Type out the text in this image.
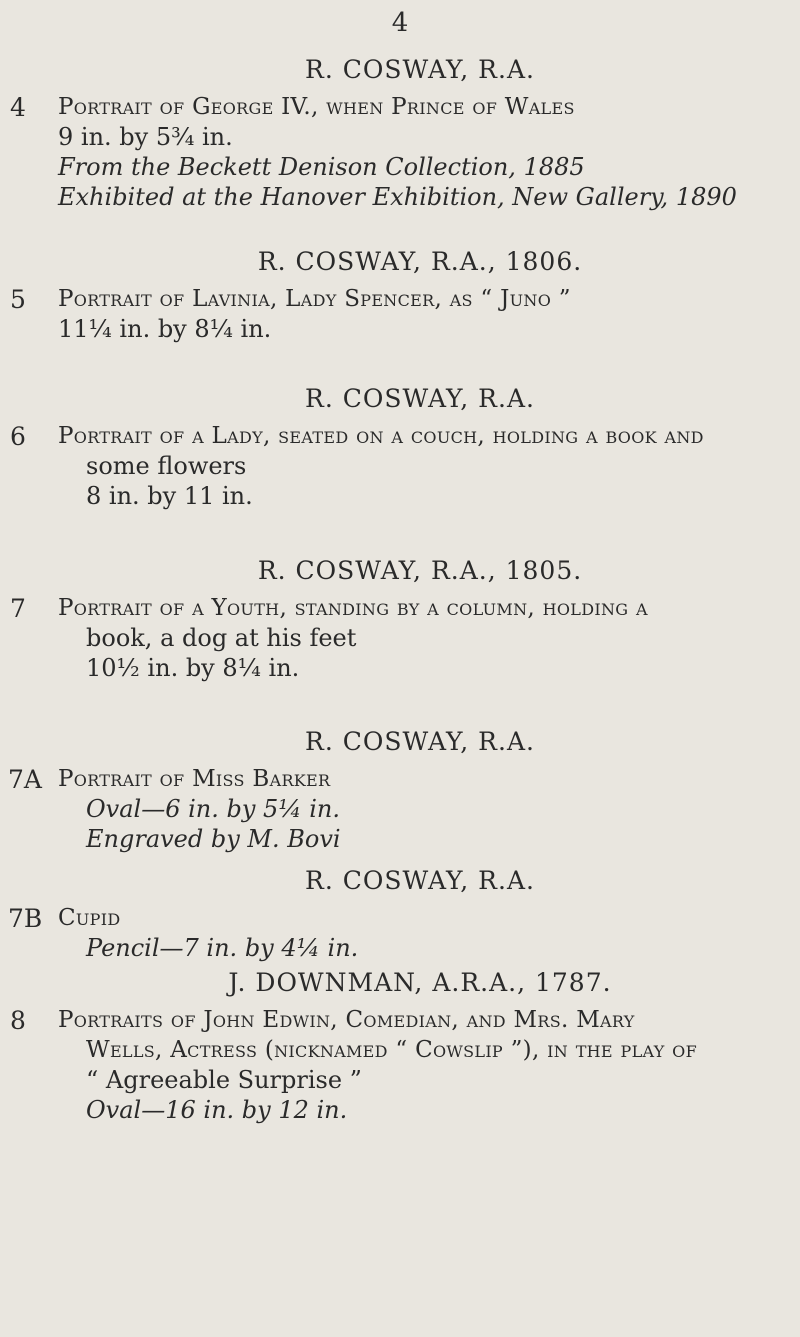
4

R. COSWAY, R.A.

4	Portrait of George IV., when Prince of Wales

9 in. by 5¾ in.

From the Beckett Denison Collection, 1885

Exhibited at the Hanover Exhibition, New Gallery, 1890

R. COSWAY, R.A., 1806.

5	Portrait of Lavinia, Lady Spencer, as “ Juno ”

11¼ in. by 8¼ in.

R. COSWAY, R.A.

6	Portrait of a Lady, seated on a couch, holding a book and

some flowers

8 in. by 11 in.

R. COSWAY, R.A., 1805.

7	Portrait of a Youth, standing by a column, holding a

book, a dog at his feet

10½ in. by 8¼ in.

R. COSWAY, R.A.

7A Portrait of Miss Barker

Oval—6 in. by 5¼ in.

Engraved by M. Bovi

R. COSWAY, R.A.

7B Cupid

Pencil—7 in. by 4¼ in.

J. DOWNMAN, A.R.A., 1787.

8	Portraits of John Edwin, Comedian, and Mrs. Mary

Wells, Actress (nicknamed “ Cowslip ”), in the play of

“ Agreeable Surprise ”

Oval—16 in. by 12 in.
